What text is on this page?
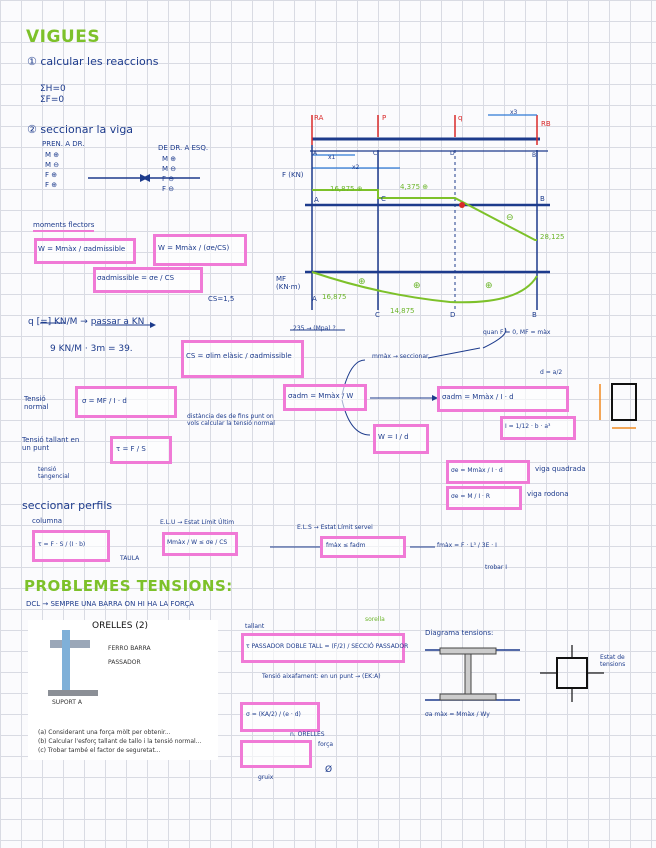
VIGUES
① calcular les reaccions
ΣH=0
ΣF=0
② seccionar la viga
PREN. A DR.
M ⊕
M ⊖
F ⊕
F ⊕
DE DR. A ESQ.
M ⊕
M ⊖
F ⊖
F ⊖
RA	P	q
RB
x3
x1
x2
A	C	D	B
F (KN)
A	C	B
16,875 ⊕	4,375 ⊕
28,125
⊖
MF (KN·m)	⊕	⊕	⊕
16,875
14,875
C	D	B
A
moments flectors
W = Mmàx / σadmissible	W = Mmàx / (σe/CS)
σadmissible = σe / CS
CS=1,5
q [=] KN/M → passar a KN
9 KN/M · 3m = 39.
CS = σlim elàsic / σadmissible
235 → (Mpa) ?
quan F = 0, MF = màx
mmàx → seccionar
σadm = Mmàx / W
W = I / d
σadm = Mmàx / I · d
d = a/2
I = 1/12 · b · a³
σe = Mmàx / I · d	viga quadrada
σe = M / I · R	viga rodona
Tensió normal
σ = MF / I · d
distància des de fins punt on vols calcular la tensió normal
Tensió tallant en un punt	τ = F / S
tensió tangencial
seccionar perfils
columna
τ = F · S / (I · b)
TAULA
E.L.U → Estat Límit Últim
Mmàx / W ≤ σe / CS
E.L.S → Estat Límit servei
fmàx ≤ fadm	fmàx = F · L³ / 3E · I
trobar I
PROBLEMES TENSIONS:
DCL → SEMPRE UNA BARRA ON HI HA LA FORÇA
ORELLES (2)
FERRO BARRA
PASSADOR
SUPORT A
(a) Considerant una força mòlt per obtenir...
(b) Calcular l'esforç tallant de tallo i la tensió normal...
(c) Trobar també el factor de seguretat...
tallant
sorella
τ PASSADOR DOBLE TALL = (F/2) / SECCIÓ PASSADOR
Tensió aixafament: en un punt → (EK:A)
σ = (KA/2) / (e · d)
n. ORELLES
força
gruix
Ø
Diagrama tensions:
Estat de tensions
σa màx = Mmàx / Wy
